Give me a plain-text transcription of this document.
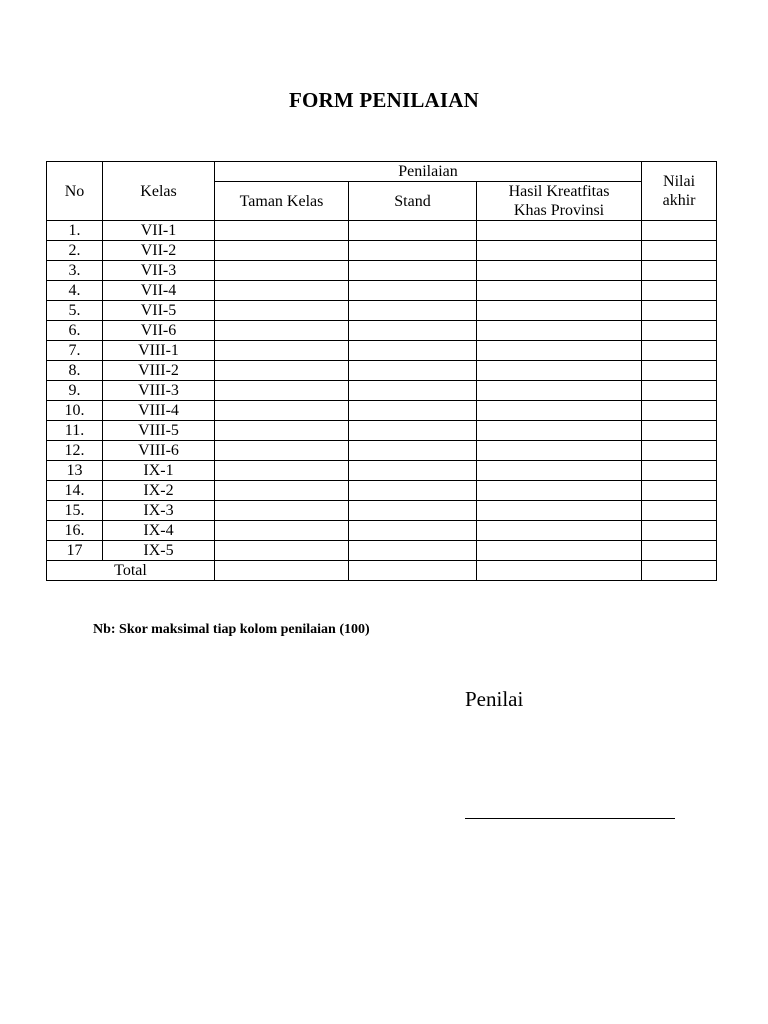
FORM PENILAIAN
No	Kelas	Penilaian			Nilai
akhir
		Taman Kelas	Stand	Hasil Kreatfitas
Khas Provinsi	
1.	VII-1				
2.	VII-2				
3.	VII-3				
4.	VII-4				
5.	VII-5				
6.	VII-6				
7.	VIII-1				
8.	VIII-2				
9.	VIII-3				
10.	VIII-4				
11.	VIII-5				
12.	VIII-6				
13	IX-1				
14.	IX-2				
15.	IX-3				
16.	IX-4				
17	IX-5				
Total					
Nb: Skor maksimal tiap kolom penilaian (100)
Penilai
